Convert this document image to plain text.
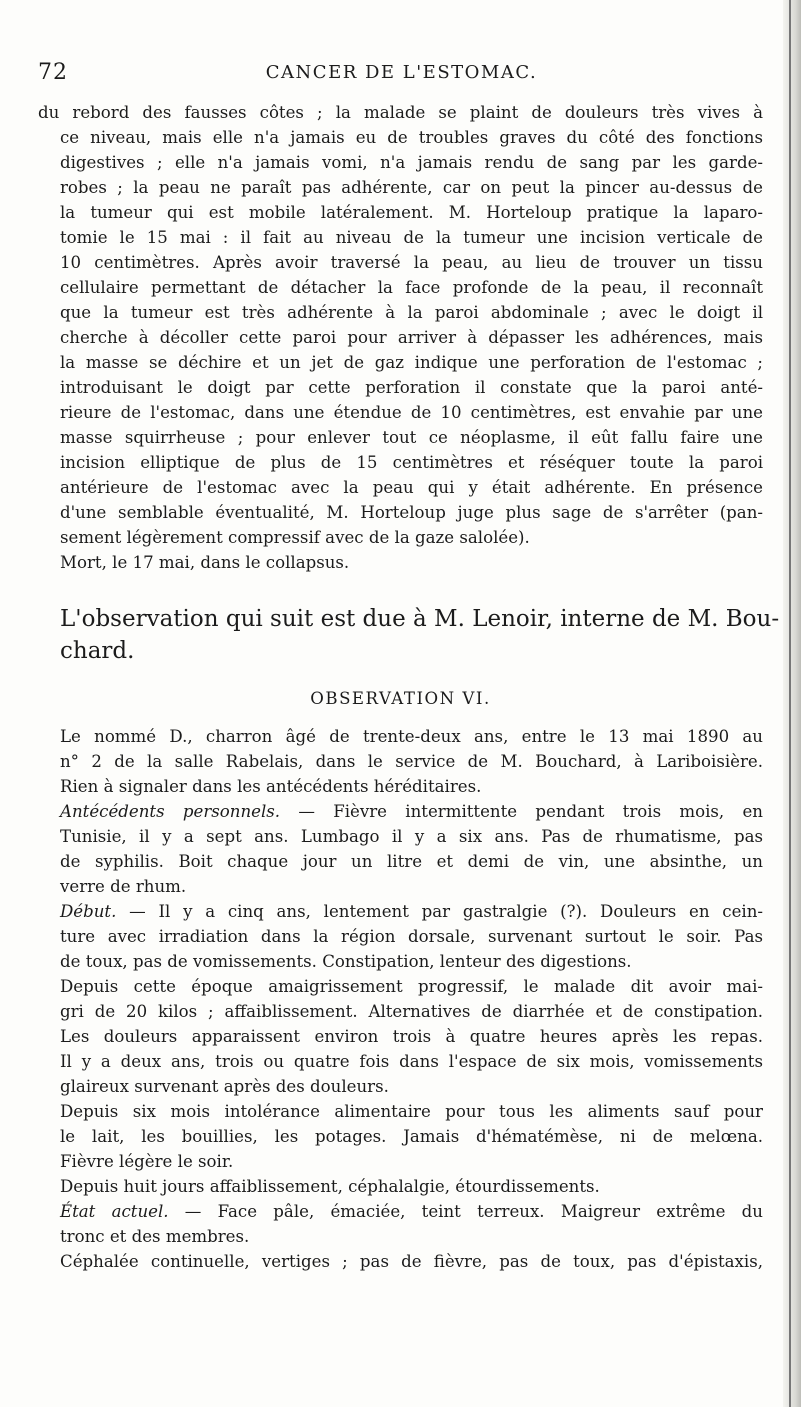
72	CANCER DE L'ESTOMAC.
du rebord des fausses côtes ; la malade se plaint de douleurs très vives à
ce niveau, mais elle n'a jamais eu de troubles graves du côté des fonctions
digestives ; elle n'a jamais vomi, n'a jamais rendu de sang par les garde-
robes ; la peau ne paraît pas adhérente, car on peut la pincer au-dessus de
la tumeur qui est mobile latéralement. M. Horteloup pratique la laparo-
tomie le 15 mai : il fait au niveau de la tumeur une incision verticale de
10 centimètres. Après avoir traversé la peau, au lieu de trouver un tissu
cellulaire permettant de détacher la face profonde de la peau, il reconnaît
que la tumeur est très adhérente à la paroi abdominale ; avec le doigt il
cherche à décoller cette paroi pour arriver à dépasser les adhérences, mais
la masse se déchire et un jet de gaz indique une perforation de l'estomac ;
introduisant le doigt par cette perforation il constate que la paroi anté-
rieure de l'estomac, dans une étendue de 10 centimètres, est envahie par une
masse squirrheuse ; pour enlever tout ce néoplasme, il eût fallu faire une
incision elliptique de plus de 15 centimètres et réséquer toute la paroi
antérieure de l'estomac avec la peau qui y était adhérente. En présence
d'une semblable éventualité, M. Horteloup juge plus sage de s'arrêter (pan-
sement légèrement compressif avec de la gaze salolée).
Mort, le 17 mai, dans le collapsus.
L'observation qui suit est due à M. Lenoir, interne de M. Bou-
chard.
OBSERVATION VI.
Le nommé D., charron âgé de trente-deux ans, entre le 13 mai 1890 au
n° 2 de la salle Rabelais, dans le service de M. Bouchard, à Lariboisière.
Rien à signaler dans les antécédents héréditaires.
Antécédents personnels. — Fièvre intermittente pendant trois mois, en
Tunisie, il y a sept ans. Lumbago il y a six ans. Pas de rhumatisme, pas
de syphilis. Boit chaque jour un litre et demi de vin, une absinthe, un
verre de rhum.
Début. — Il y a cinq ans, lentement par gastralgie (?). Douleurs en cein-
ture avec irradiation dans la région dorsale, survenant surtout le soir. Pas
de toux, pas de vomissements. Constipation, lenteur des digestions.
Depuis cette époque amaigrissement progressif, le malade dit avoir mai-
gri de 20 kilos ; affaiblissement. Alternatives de diarrhée et de constipation.
Les douleurs apparaissent environ trois à quatre heures après les repas.
Il y a deux ans, trois ou quatre fois dans l'espace de six mois, vomissements
glaireux survenant après des douleurs.
Depuis six mois intolérance alimentaire pour tous les aliments sauf pour
le lait, les bouillies, les potages. Jamais d'hématémèse, ni de melœna.
Fièvre légère le soir.
Depuis huit jours affaiblissement, céphalalgie, étourdissements.
État actuel. — Face pâle, émaciée, teint terreux. Maigreur extrême du
tronc et des membres.
Céphalée continuelle, vertiges ; pas de fièvre, pas de toux, pas d'épistaxis,
